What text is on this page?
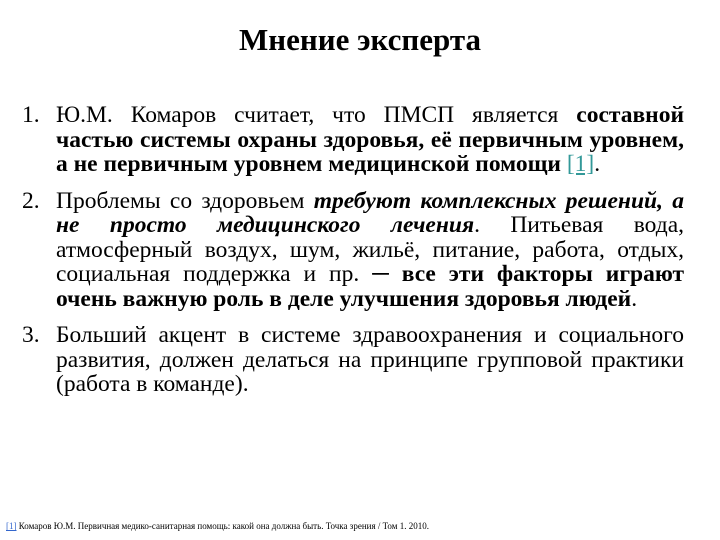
Мнение эксперта
1. Ю.М. Комаров считает, что ПМСП является составной частью системы охраны здоровья, её первичным уровнем, а не первичным уровнем медицинской помощи [1].
2. Проблемы со здоровьем требуют комплексных решений, а не просто медицинского лечения. Питьевая вода, атмосферный воздух, шум, жильё, питание, работа, отдых, социальная поддержка и пр. ─ все эти факторы играют очень важную роль в деле улучшения здоровья людей.
3. Больший акцент в системе здравоохранения и социального развития, должен делаться на принципе групповой практики (работа в команде).

[1] Комаров Ю.М. Первичная медико-санитарная помощь: какой она должна быть. Точка зрения / Том 1. 2010.
